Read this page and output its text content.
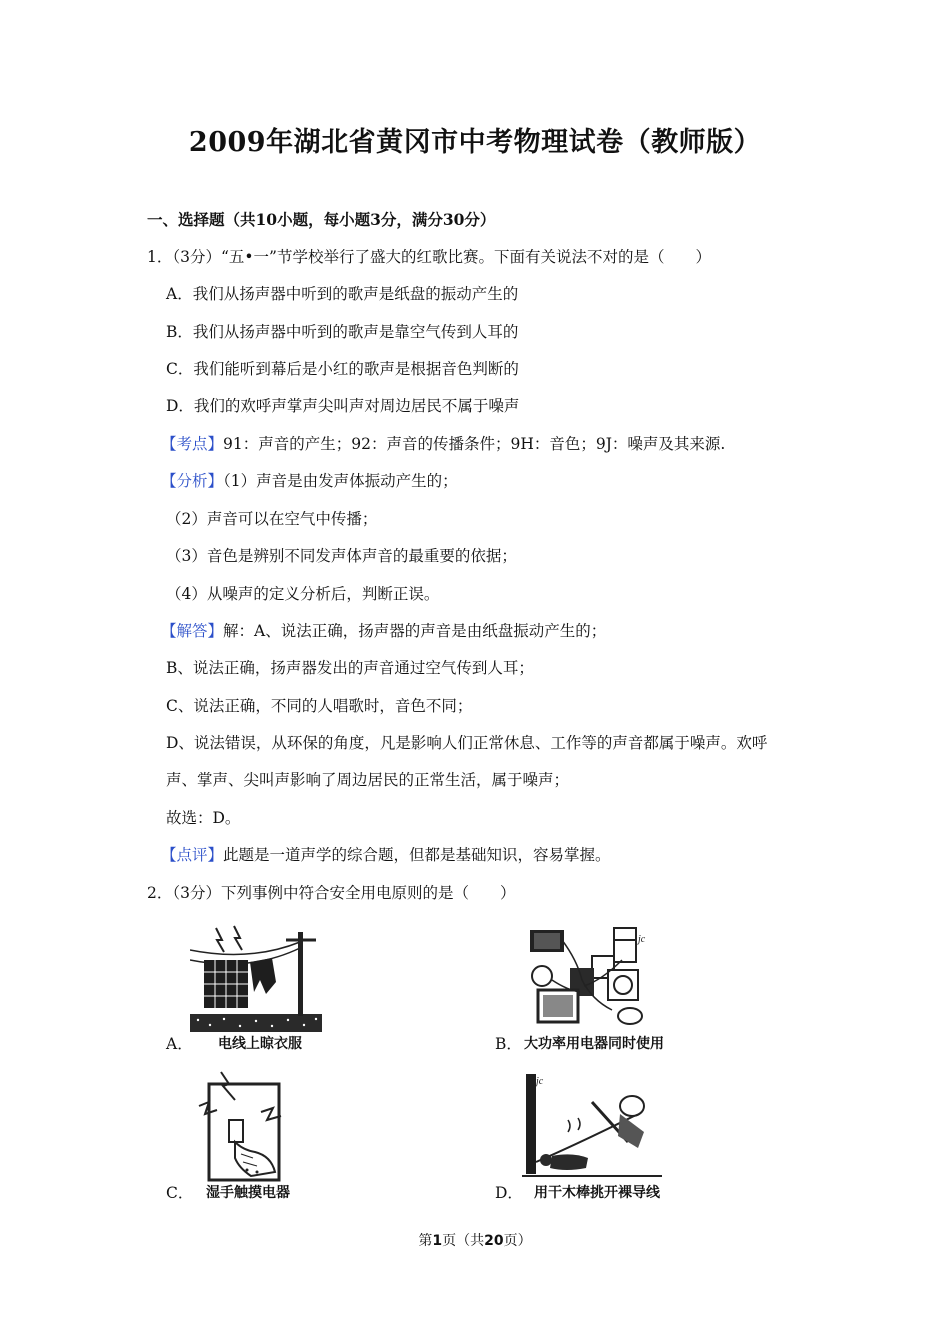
2009年湖北省黄冈市中考物理试卷（教师版）
一、选择题（共10小题，每小题3分，满分30分）
1．（3分）“五•一”节学校举行了盛大的红歌比赛。下面有关说法不对的是（　　）
A．我们从扬声器中听到的歌声是纸盘的振动产生的
B．我们从扬声器中听到的歌声是靠空气传到人耳的
C．我们能听到幕后是小红的歌声是根据音色判断的
D．我们的欢呼声掌声尖叫声对周边居民不属于噪声
【考点】91：声音的产生；92：声音的传播条件；9H：音色；9J：噪声及其来源.
【分析】（1）声音是由发声体振动产生的；
（2）声音可以在空气中传播；
（3）音色是辨别不同发声体声音的最重要的依据；
（4）从噪声的定义分析后，判断正误。
【解答】解：A、说法正确，扬声器的声音是由纸盘振动产生的；
B、说法正确，扬声器发出的声音通过空气传到人耳；
C、说法正确，不同的人唱歌时，音色不同；
D、说法错误，从环保的角度，凡是影响人们正常休息、工作等的声音都属于噪声。欢呼
声、掌声、尖叫声影响了周边居民的正常生活，属于噪声；
故选：D。
【点评】此题是一道声学的综合题，但都是基础知识，容易掌握。
2．（3分）下列事例中符合安全用电原则的是（　　）
A． 电线上晾衣服
jc
B． 大功率用电器同时使用
C． 湿手触摸电器
jc
D． 用干木棒挑开裸导线
第1页（共20页）
